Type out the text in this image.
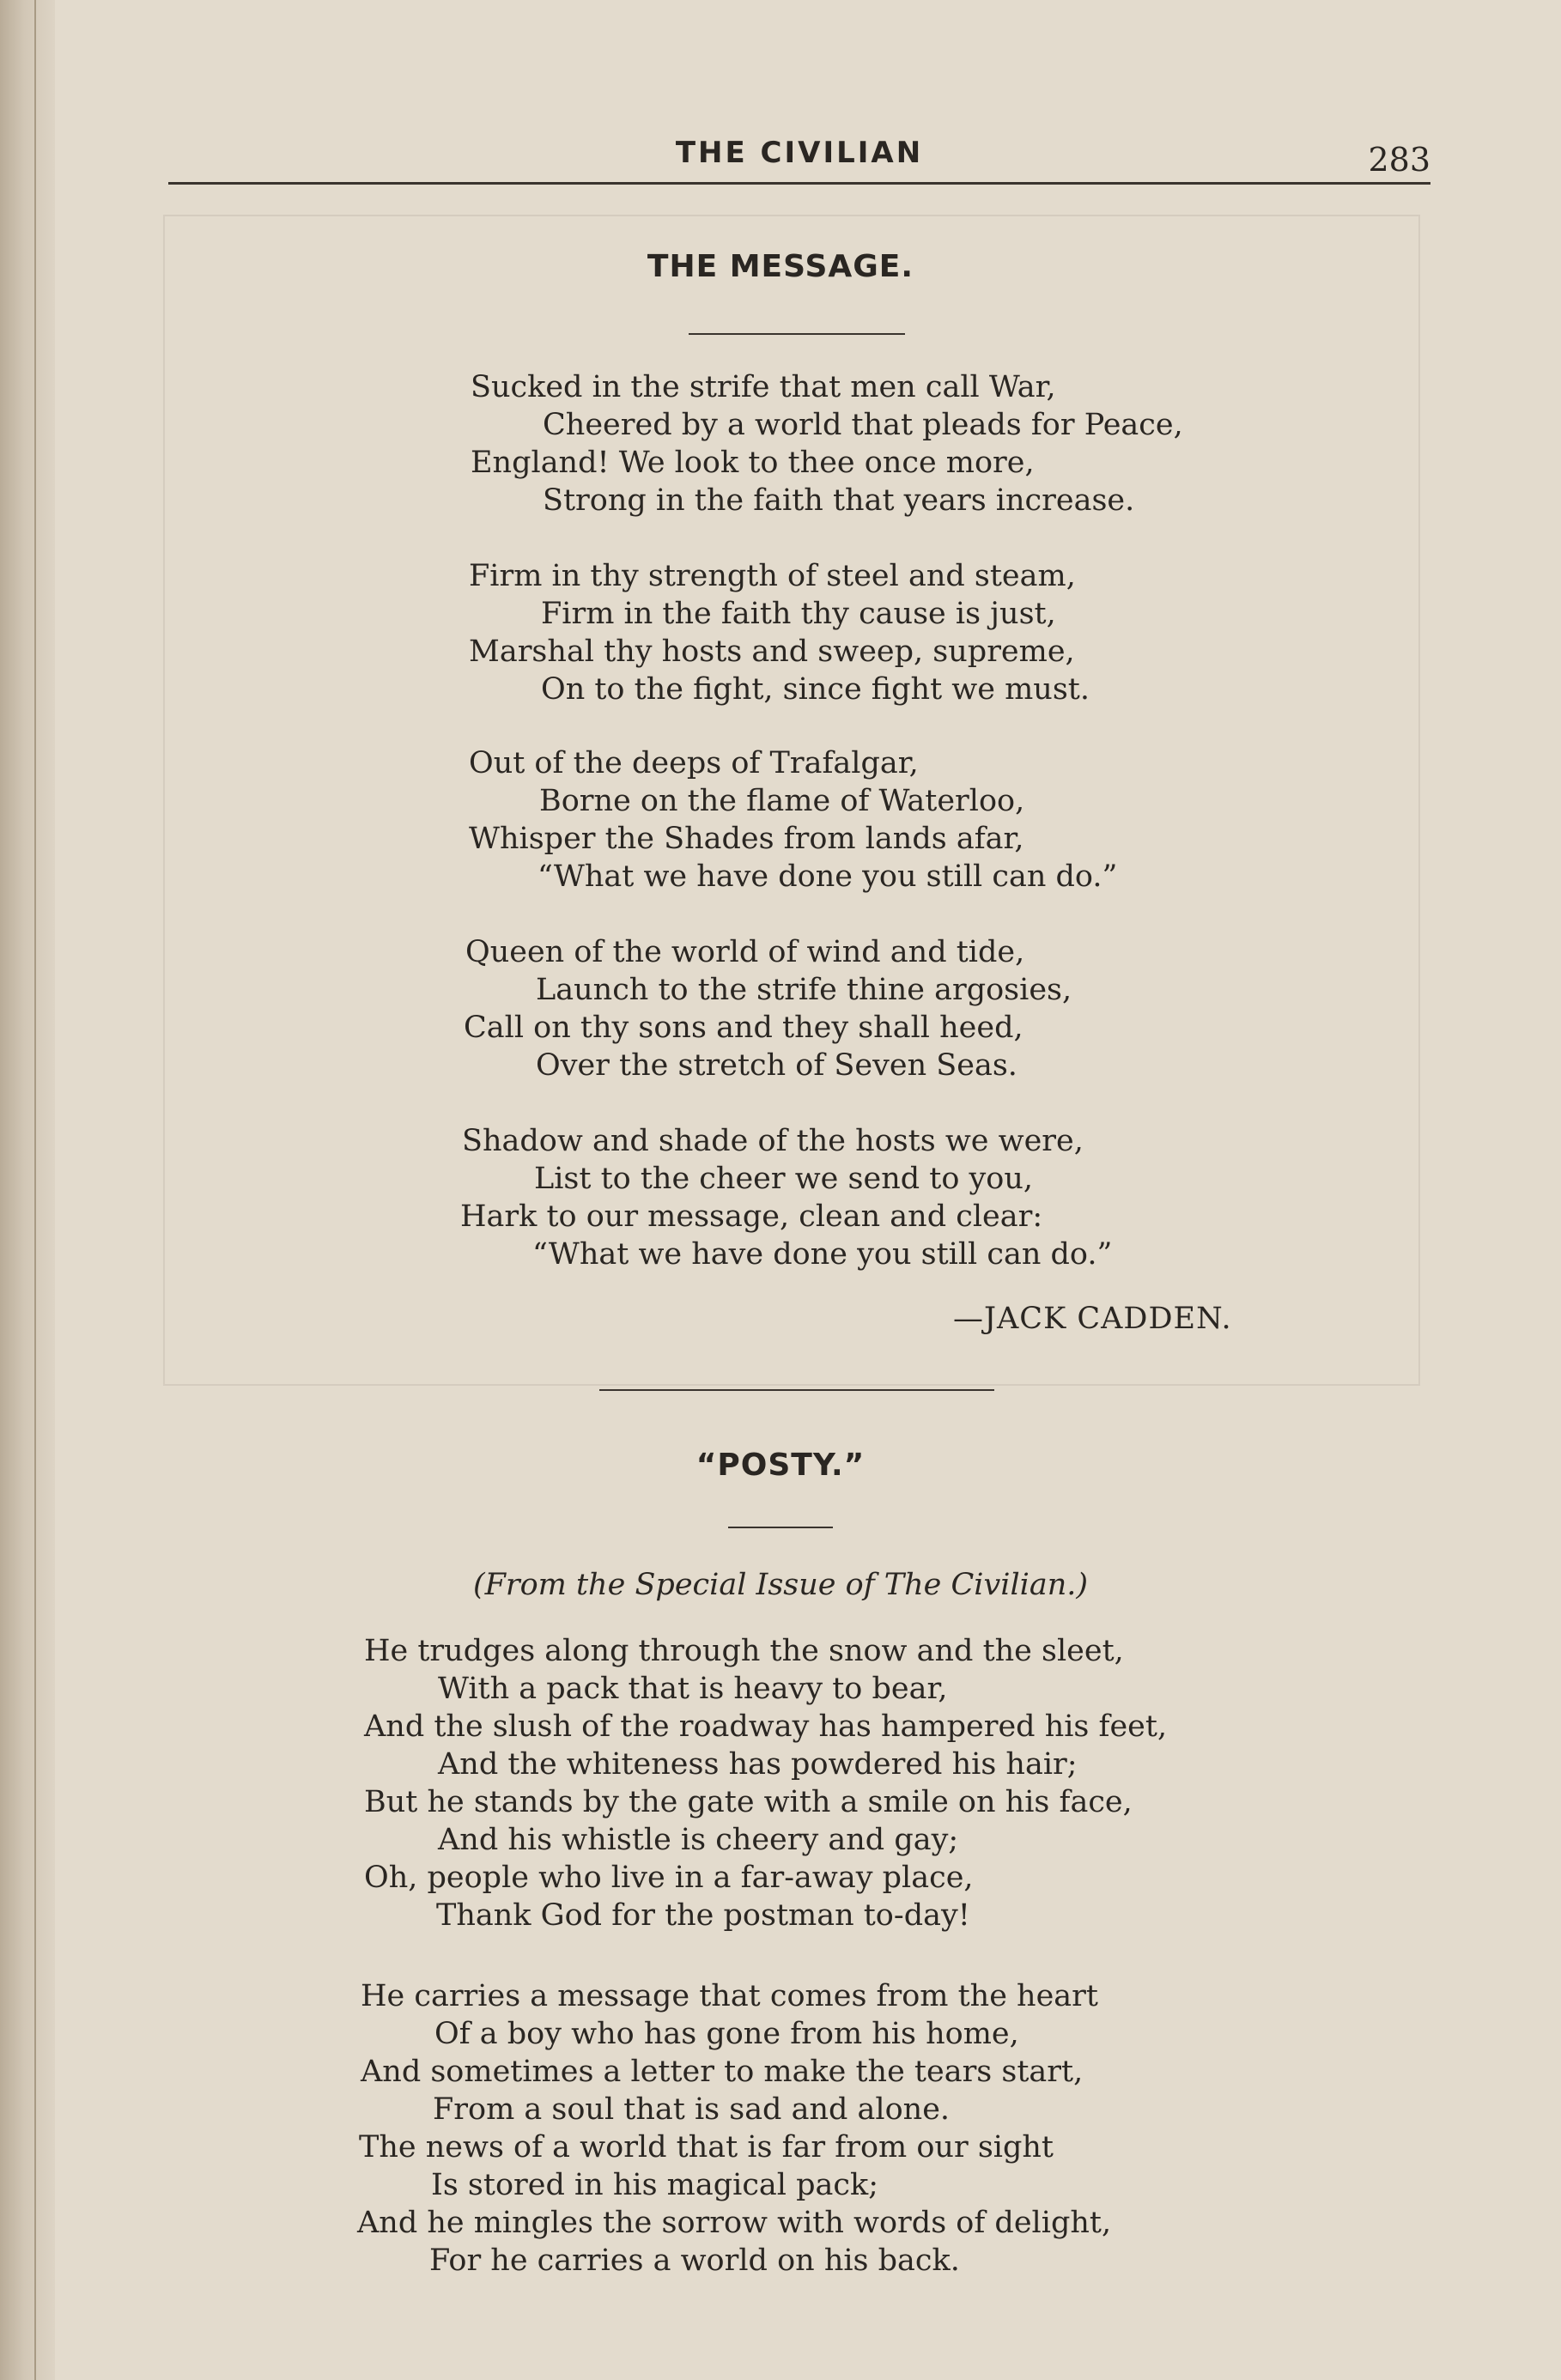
THE CIVILIAN	283
THE MESSAGE.
Sucked in the strife that men call War,
Cheered by a world that pleads for Peace,
England! We look to thee once more,
Strong in the faith that years increase.
Firm in thy strength of steel and steam,
Firm in the faith thy cause is just,
Marshal thy hosts and sweep, supreme,
On to the fight, since fight we must.
Out of the deeps of Trafalgar,
Borne on the flame of Waterloo,
Whisper the Shades from lands afar,
“What we have done you still can do.”
Queen of the world of wind and tide,
Launch to the strife thine argosies,
Call on thy sons and they shall heed,
Over the stretch of Seven Seas.
Shadow and shade of the hosts we were,
List to the cheer we send to you,
Hark to our message, clean and clear:
“What we have done you still can do.”
—JACK CADDEN.
“POSTY.”
(From the Special Issue of The Civilian.)
He trudges along through the snow and the sleet,
With a pack that is heavy to bear,
And the slush of the roadway has hampered his feet,
And the whiteness has powdered his hair;
But he stands by the gate with a smile on his face,
And his whistle is cheery and gay;
Oh, people who live in a far-away place,
Thank God for the postman to-day!
He carries a message that comes from the heart
Of a boy who has gone from his home,
And sometimes a letter to make the tears start,
From a soul that is sad and alone.
The news of a world that is far from our sight
Is stored in his magical pack;
And he mingles the sorrow with words of delight,
For he carries a world on his back.
